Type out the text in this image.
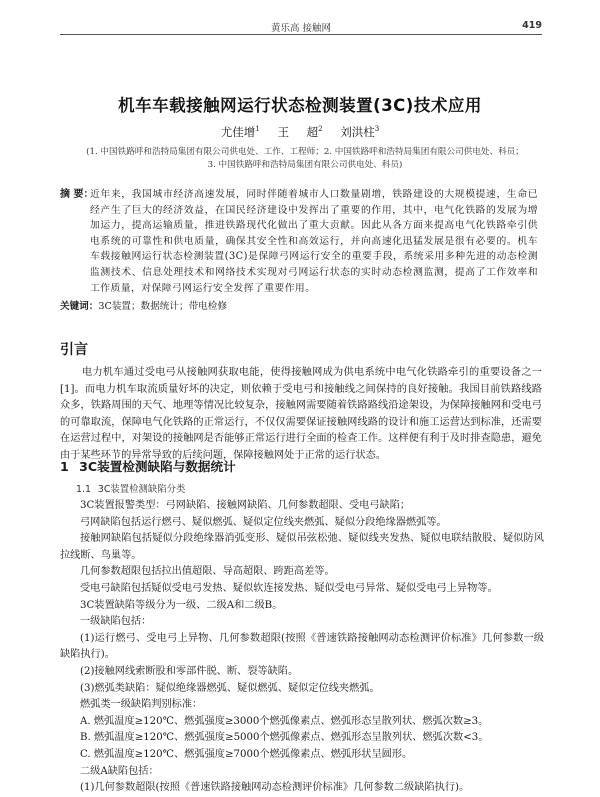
黄乐高 接触网	419
机车车载接触网运行状态检测装置(3C)技术应用
尤佳增$^1$ 王 超$^2$ 刘洪柱$^3$
(1. 中国铁路呼和浩特局集团有限公司供电处、工作、工程师；2. 中国铁路呼和浩特局集团有限公司供电处、科员；
3. 中国铁路呼和浩特局集团有限公司供电处、科员)
摘 要：
近年来，我国城市经济高速发展，同时伴随着城市人口数量剧增，铁路建设的大规模提速，生命已经产生了巨大的经济效益，在国民经济建设中发挥出了重要的作用，其中，电气化铁路的发展为增加运力，提高运输质量，推进铁路现代化做出了重大贡献。因此从各方面来提高电气化铁路牵引供电系统的可靠性和供电质量，确保其安全性和高效运行，并向高速化迅猛发展是很有必要的。机车车载接触网运行状态检测装置(3C)是保障弓网运行安全的重要手段，系统采用多种先进的动态检测监测技术、信息处理技术和网络技术实现对弓网运行状态的实时动态检测监测，提高了工作效率和工作质量，对保障弓网运行安全发挥了重要作用。
关键词：3C装置；数据统计；带电检修
引言
电力机车通过受电弓从接触网获取电能，使得接触网成为供电系统中电气化铁路牵引的重要设备之一[1]。而电力机车取流质量好坏的决定，则依赖于受电弓和接触线之间保持的良好接触。我国目前铁路线路众多，铁路周围的天气、地理等情况比较复杂，接触网需要随着铁路路线沿途架设，为保障接触网和受电弓的可靠取流，保障电气化铁路的正常运行，不仅仅需要保证接触网线路的设计和施工运营达到标准，还需要在运营过程中，对架设的接触网是否能够正常运行进行全面的检查工作。这样便有利于及时排查隐患，避免由于某些环节的异常导致的后续问题，保障接触网处于正常的运行状态。
1 3C装置检测缺陷与数据统计
1.1 3C装置检测缺陷分类

3C装置报警类型：弓网缺陷、接触网缺陷、几何参数超限、受电弓缺陷；

弓网缺陷包括运行燃弓、疑似燃弧、疑似定位线夹燃弧、疑似分段绝缘器燃弧等。

接触网缺陷包括疑似分段绝缘器消弧变形、疑似吊弦松弛、疑似线夹发热、疑似电联结散股、疑似防风拉线断、鸟巢等。

几何参数超限包括拉出值超限、导高超限、跨距高差等。

受电弓缺陷包括疑似受电弓发热、疑似软连接发热、疑似受电弓异常、疑似受电弓上异物等。

3C装置缺陷等级分为一级、二级A和二级B。

一级缺陷包括：

(1)运行燃弓、受电弓上异物、几何参数超限(按照《普速铁路接触网动态检测评价标准》几何参数一级缺陷执行)。

(2)接触网线索断股和零部件脱、断、裂等缺陷。

(3)燃弧类缺陷：疑似绝缘器燃弧、疑似燃弧、疑似定位线夹燃弧。

燃弧类一级缺陷判别标准：

A. 燃弧温度≥120℃、燃弧强度≥3000个燃弧像素点、燃弧形态呈散列状、燃弧次数≥3。

B. 燃弧温度≥120℃、燃弧强度≥5000个燃弧像素点、燃弧形态呈散列状、燃弧次数<3。

C. 燃弧温度≥120℃、燃弧强度≥7000个燃弧像素点、燃弧形状呈圆形。

二级A缺陷包括：

(1)几何参数超限(按照《普速铁路接触网动态检测评价标准》几何参数二级缺陷执行)。
